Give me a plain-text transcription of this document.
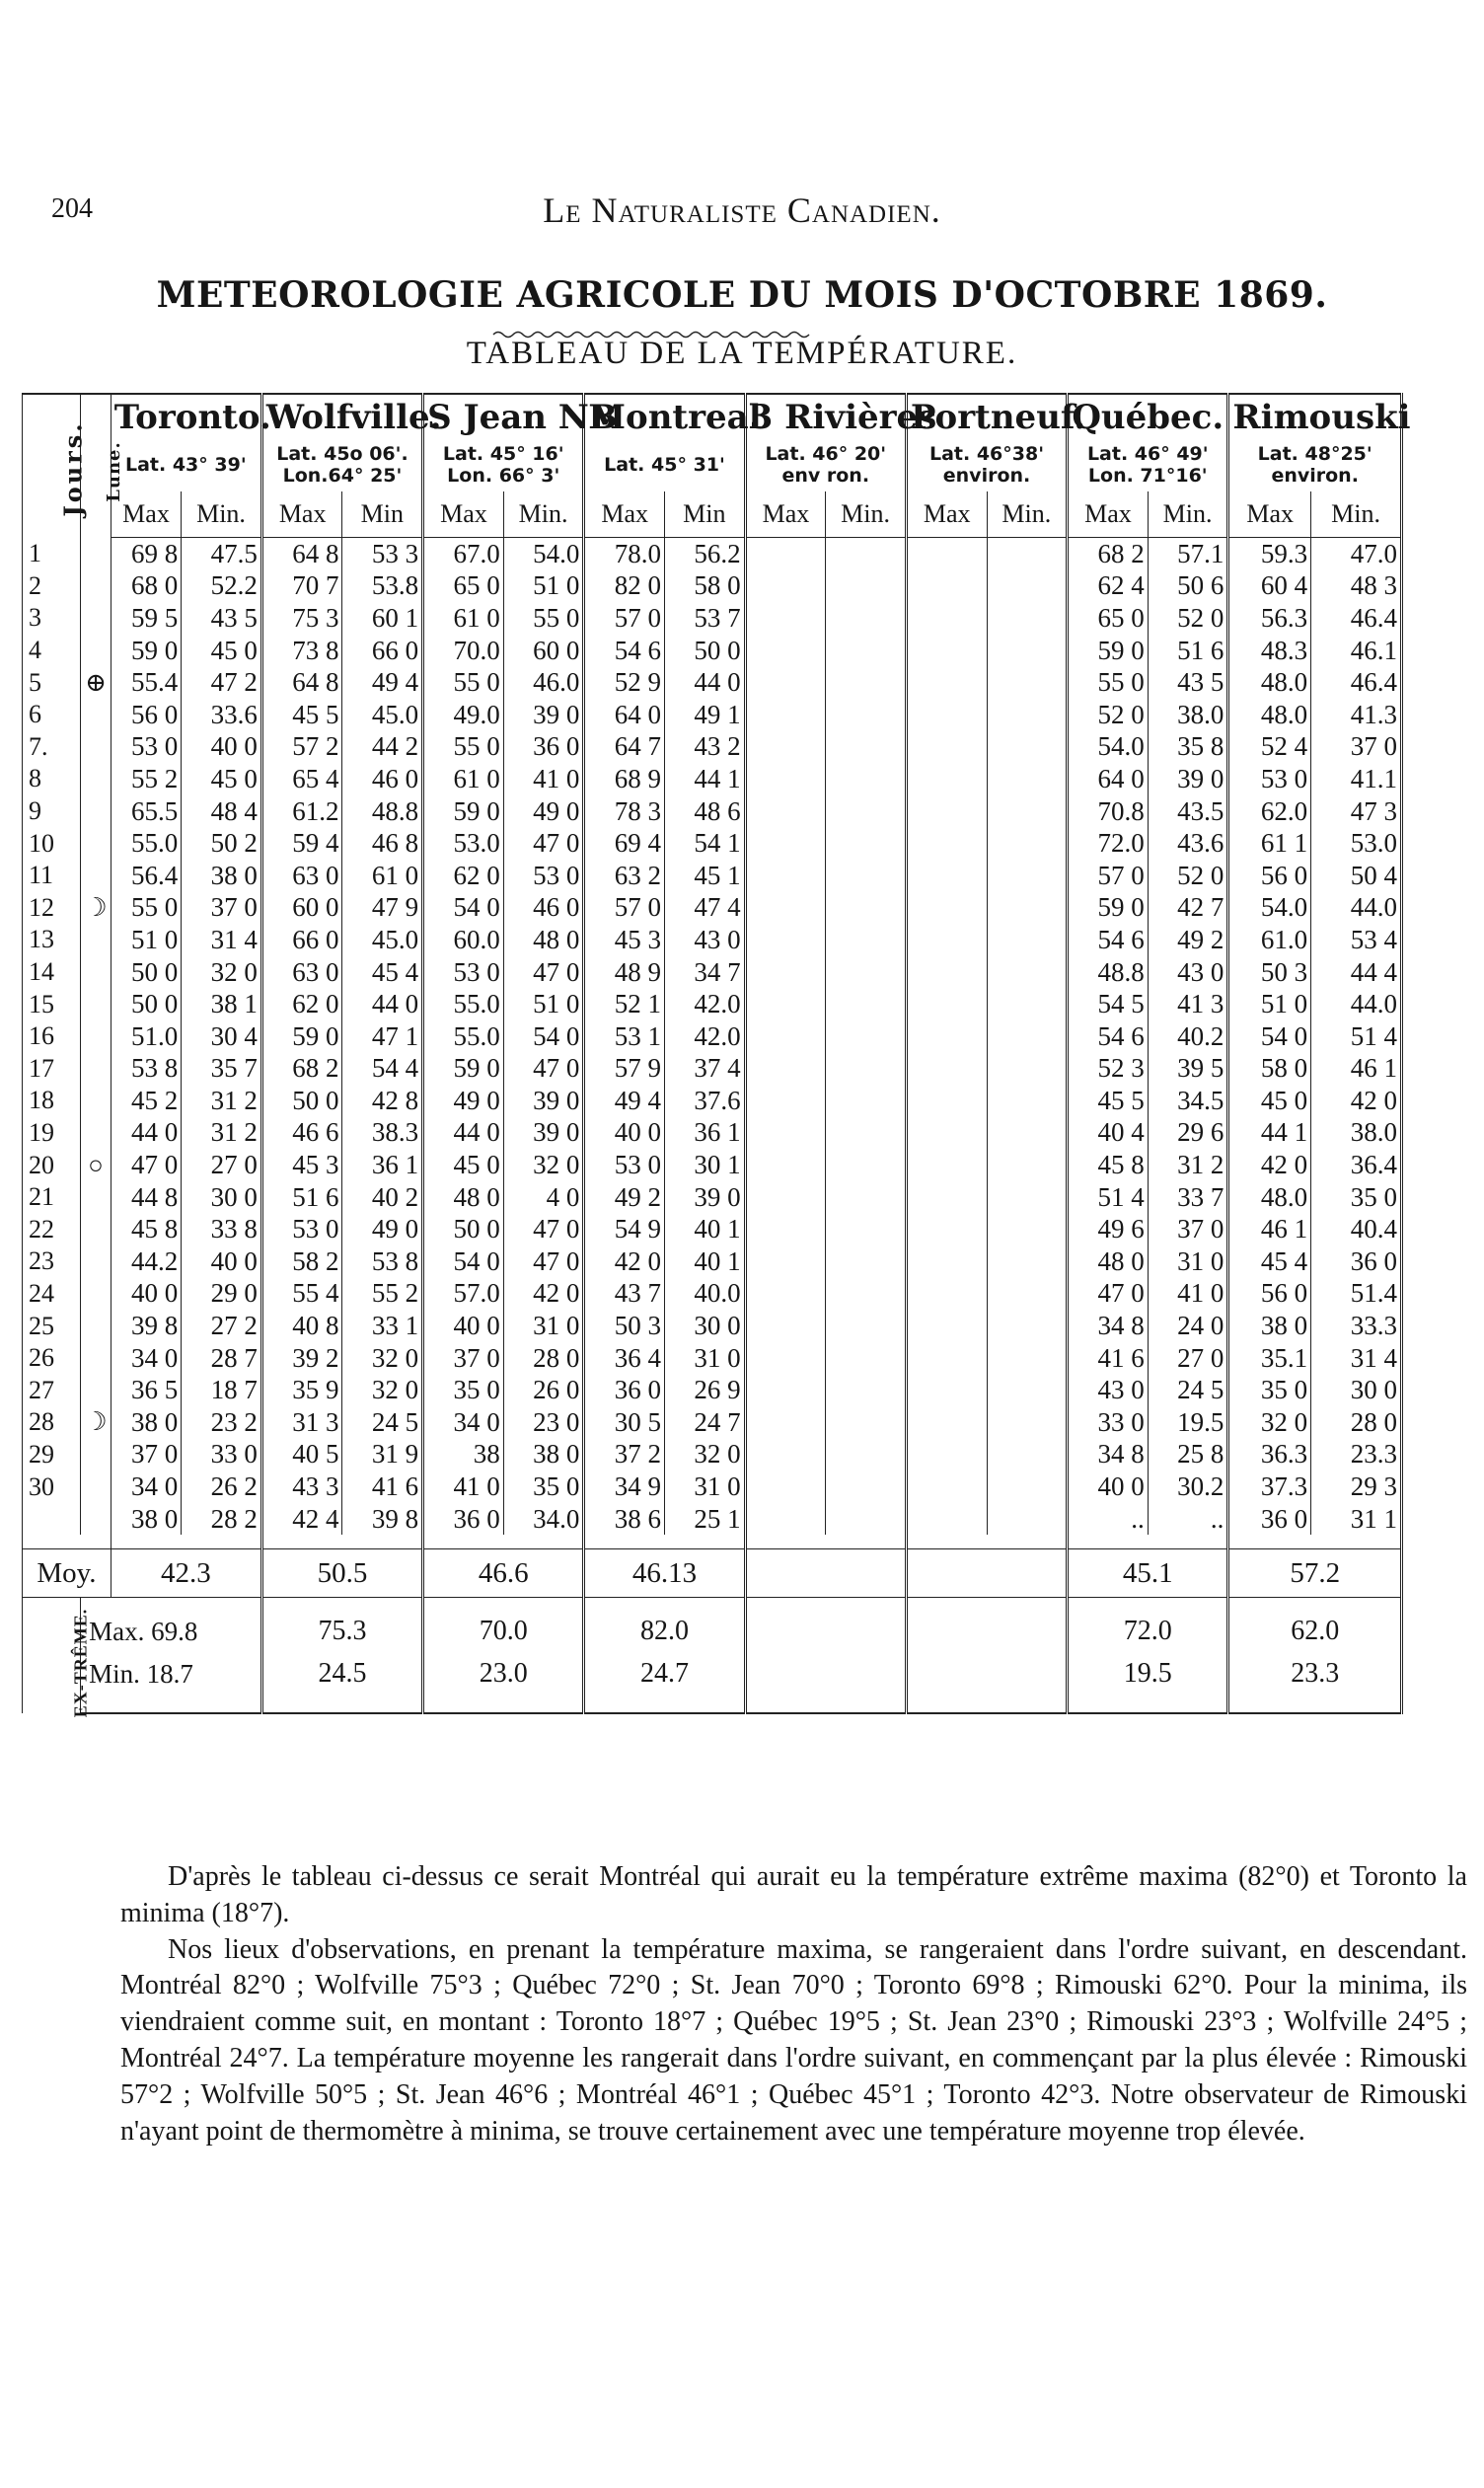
204	Le Naturaliste Canadien.
METEOROLOGIE AGRICOLE DU MOIS D'OCTOBRE 1869.
TABLEAU DE LA TEMPÉRATURE.
Jours.	Lune.	Toronto.		Wolfville.		S Jean NB		Montreal		3 Rivières		Portneuf.		Québec.		Rimouski	
		Lat. 43° 39'		Lat. 45o 06'. Lon.64° 25'		Lat. 45° 16' Lon. 66° 3'		Lat. 45° 31'		Lat. 46° 20' env ron.		Lat. 46°38' environ.		Lat. 46° 49' Lon. 71°16'		Lat. 48°25' environ.	
		Max	Min.	Max	Min	Max	Min.	Max	Min	Max	Min.	Max	Min.	Max	Min.	Max	Min.
1		69 8	47.5	64 8	53 3	67.0	54.0	78.0	56.2					68 2	57.1	59.3	47.0
2		68 0	52.2	70 7	53.8	65 0	51 0	82 0	58 0					62 4	50 6	60 4	48 3
3		59 5	43 5	75 3	60 1	61 0	55 0	57 0	53 7					65 0	52 0	56.3	46.4
4		59 0	45 0	73 8	66 0	70.0	60 0	54 6	50 0					59 0	51 6	48.3	46.1
5	⊕	55.4	47 2	64 8	49 4	55 0	46.0	52 9	44 0					55 0	43 5	48.0	46.4
6		56 0	33.6	45 5	45.0	49.0	39 0	64 0	49 1					52 0	38.0	48.0	41.3
7.		53 0	40 0	57 2	44 2	55 0	36 0	64 7	43 2					54.0	35 8	52 4	37 0
8		55 2	45 0	65 4	46 0	61 0	41 0	68 9	44 1					64 0	39 0	53 0	41.1
9		65.5	48 4	61.2	48.8	59 0	49 0	78 3	48 6					70.8	43.5	62.0	47 3
10		55.0	50 2	59 4	46 8	53.0	47 0	69 4	54 1					72.0	43.6	61 1	53.0
11		56.4	38 0	63 0	61 0	62 0	53 0	63 2	45 1					57 0	52 0	56 0	50 4
12	☽	55 0	37 0	60 0	47 9	54 0	46 0	57 0	47 4					59 0	42 7	54.0	44.0
13		51 0	31 4	66 0	45.0	60.0	48 0	45 3	43 0					54 6	49 2	61.0	53 4
14		50 0	32 0	63 0	45 4	53 0	47 0	48 9	34 7					48.8	43 0	50 3	44 4
15		50 0	38 1	62 0	44 0	55.0	51 0	52 1	42.0					54 5	41 3	51 0	44.0
16		51.0	30 4	59 0	47 1	55.0	54 0	53 1	42.0					54 6	40.2	54 0	51 4
17		53 8	35 7	68 2	54 4	59 0	47 0	57 9	37 4					52 3	39 5	58 0	46 1
18		45 2	31 2	50 0	42 8	49 0	39 0	49 4	37.6					45 5	34.5	45 0	42 0
19		44 0	31 2	46 6	38.3	44 0	39 0	40 0	36 1					40 4	29 6	44 1	38.0
20	○	47 0	27 0	45 3	36 1	45 0	32 0	53 0	30 1					45 8	31 2	42 0	36.4
21		44 8	30 0	51 6	40 2	48 0	4 0	49 2	39 0					51 4	33 7	48.0	35 0
22		45 8	33 8	53 0	49 0	50 0	47 0	54 9	40 1					49 6	37 0	46 1	40.4
23		44.2	40 0	58 2	53 8	54 0	47 0	42 0	40 1					48 0	31 0	45 4	36 0
24		40 0	29 0	55 4	55 2	57.0	42 0	43 7	40.0					47 0	41 0	56 0	51.4
25		39 8	27 2	40 8	33 1	40 0	31 0	50 3	30 0					34 8	24 0	38 0	33.3
26		34 0	28 7	39 2	32 0	37 0	28 0	36 4	31 0					41 6	27 0	35.1	31 4
27		36 5	18 7	35 9	32 0	35 0	26 0	36 0	26 9					43 0	24 5	35 0	30 0
28	☽	38 0	23 2	31 3	24 5	34 0	23 0	30 5	24 7					33 0	19.5	32 0	28 0
29		37 0	33 0	40 5	31 9	38	38 0	37 2	32 0					34 8	25 8	36.3	23.3
30		34 0	26 2	43 3	41 6	41 0	35 0	34 9	31 0					40 0	30.2	37.3	29 3
		38 0	28 2	42 4	39 8	36 0	34.0	38 6	25 1					..	..	36 0	31 1

Moy.		42.3		50.5		46.6		46.13						45.1		57.2	
EX-TRÊME.	Max. 69.8			75.3		70.0		82.0						72.0		62.0	
	Min. 18.7			24.5		23.0		24.7						19.5		23.3	

D'après le tableau ci-dessus ce serait Montréal qui aurait eu la température extrême maxima (82°0) et Toronto la minima (18°7).

Nos lieux d'observations, en prenant la température maxima, se rangeraient dans l'ordre suivant, en descendant. Montréal 82°0 ; Wolfville 75°3 ; Québec 72°0 ; St. Jean 70°0 ; Toronto 69°8 ; Rimouski 62°0. Pour la minima, ils viendraient comme suit, en montant : Toronto 18°7 ; Québec 19°5 ; St. Jean 23°0 ; Rimouski 23°3 ; Wolfville 24°5 ; Montréal 24°7. La température moyenne les rangerait dans l'ordre suivant, en commençant par la plus élevée : Rimouski 57°2 ; Wolfville 50°5 ; St. Jean 46°6 ; Montréal 46°1 ; Québec 45°1 ; Toronto 42°3. Notre observateur de Rimouski n'ayant point de thermomètre à minima, se trouve certainement avec une température moyenne trop élevée.
